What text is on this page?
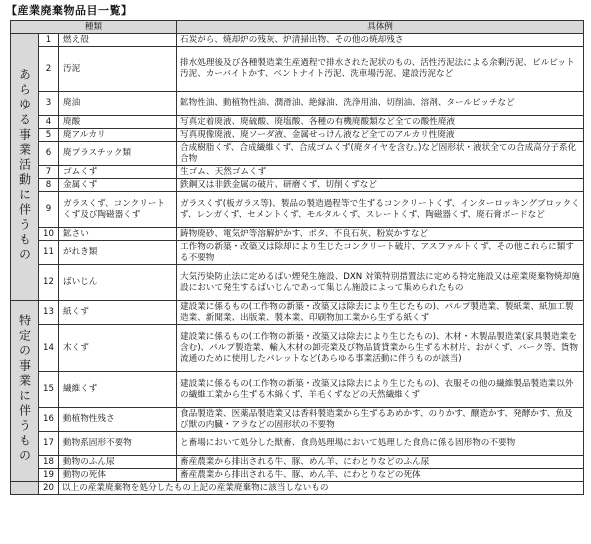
【産業廃棄物品目一覧】
種類			具体例
あらゆる事業活動に伴うもの	1	燃え殻	石炭がら、焼却炉の残灰、炉清掃出物、その他の焼却残さ
	2	汚泥	排水処理後及び各種製造業生産過程で排水された泥状のもの、活性汚泥法による余剰汚泥、ビルピット汚泥、カーバイトかす、ベントナイト汚泥、洗車場汚泥、建設汚泥など
	3	廃油	鉱物性油、動植物性油、潤滑油、絶縁油、洗浄用油、切削油、溶剤、タールピッチなど
	4	廃酸	写真定着廃液、廃硫酸、廃塩酸、各種の有機廃酸類など全ての酸性廃液
	5	廃アルカリ	写真現像廃液、廃ソーダ液、金属せっけん液など全てのアルカリ性廃液
	6	廃プラスチック類	合成樹脂くず、合成繊維くず、合成ゴムくず(廃タイヤを含む。)など固形状・液状全ての合成高分子系化合物
	7	ゴムくず	生ゴム、天然ゴムくず
	8	金属くず	鉄鋼又は非鉄金属の破片、研磨くず、切削くずなど
	9	ガラスくず、コンクリートくず及び陶磁器くず	ガラスくず(板ガラス等)、製品の製造過程等で生ずるコンクリートくず、インターロッキングブロックくず、レンガくず、セメントくず、モルタルくず、スレートくず、陶磁器くず、廃石膏ボードなど
	10	鉱さい	鋳物廃砂、電気炉等溶解炉かす、ボタ、不良石灰、粉炭かすなど
	11	がれき類	工作物の新築・改築又は除却により生じたコンクリート破片、アスファルトくず、その他これらに類する不要物
	12	ばいじん	大気汚染防止法に定めるばい煙発生施設、DXN 対策特別措置法に定める特定施設又は産業廃棄物焼却施設において発生するばいじんであって集じん施設によって集められたもの
特定の事業に伴うもの	13	紙くず	建設業に係るもの(工作物の新築・改築又は除去により生じたもの)、パルプ製造業、製紙業、紙加工製造業、新聞業、出版業、製本業、印刷物加工業から生ずる紙くず
	14	木くず	建設業に係るもの(工作物の新築・改築又は除去により生じたもの)、木材・木製品製造業(家具製造業を含む)、パルプ製造業、輸入木材の卸売業及び物品賃貸業から生ずる木材片、おがくず、バーク等、貨物流通のために使用したパレットなど(あらゆる事業活動に伴うものが該当)
	15	繊維くず	建設業に係るもの(工作物の新築・改築又は除去により生じたもの)、衣服その他の繊維製品製造業以外の繊維工業から生ずる木綿くず、羊毛くずなどの天然繊維くず
	16	動植物性残さ	食品製造業、医薬品製造業又は香料製造業から生ずるあめかす、のりかす、醸造かす、発酵かす、魚及び獣の内臓・アラなどの固形状の不要物
	17	動物系固形不要物	と畜場において処分した獣畜、食鳥処理場において処理した食鳥に係る固形物の不要物
	18	動物のふん尿	畜産農業から排出される牛、豚、めん羊、にわとりなどのふん尿
	19	動物の死体	畜産農業から排出される牛、豚、めん羊、にわとりなどの死体
	20	以上の産業廃棄物を処分したもの上記の産業廃棄物に該当しないもの	
